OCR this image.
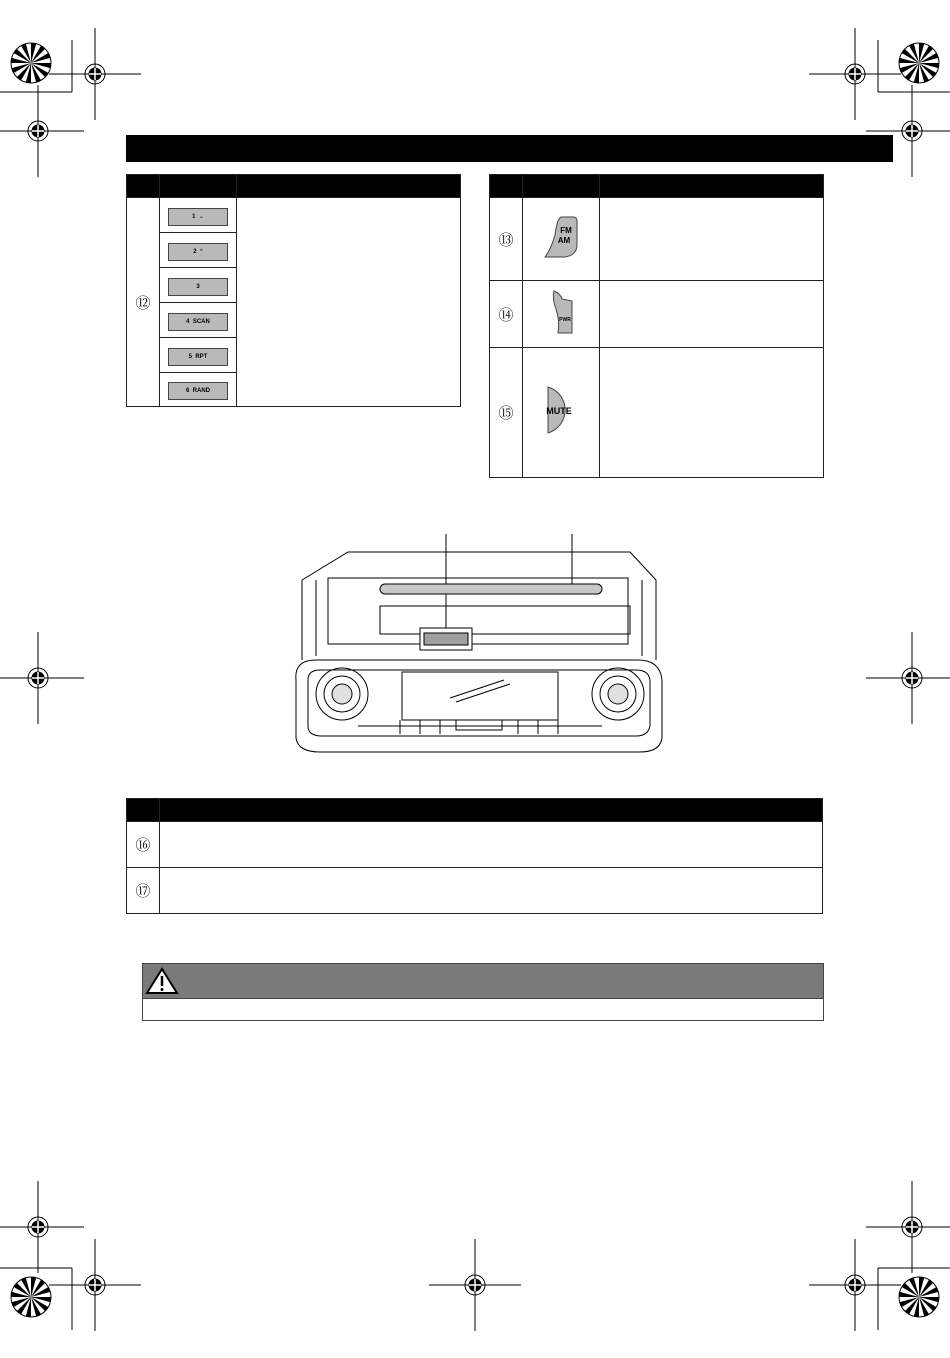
⑫	1 ⌄	
	2 ^	
	3	
	4 SCAN	
	5 RPT	
	6 RAND	

⑬	FM
AM	

⑭	PWR	

⑮	MUTE	

⑯	
⑰	
